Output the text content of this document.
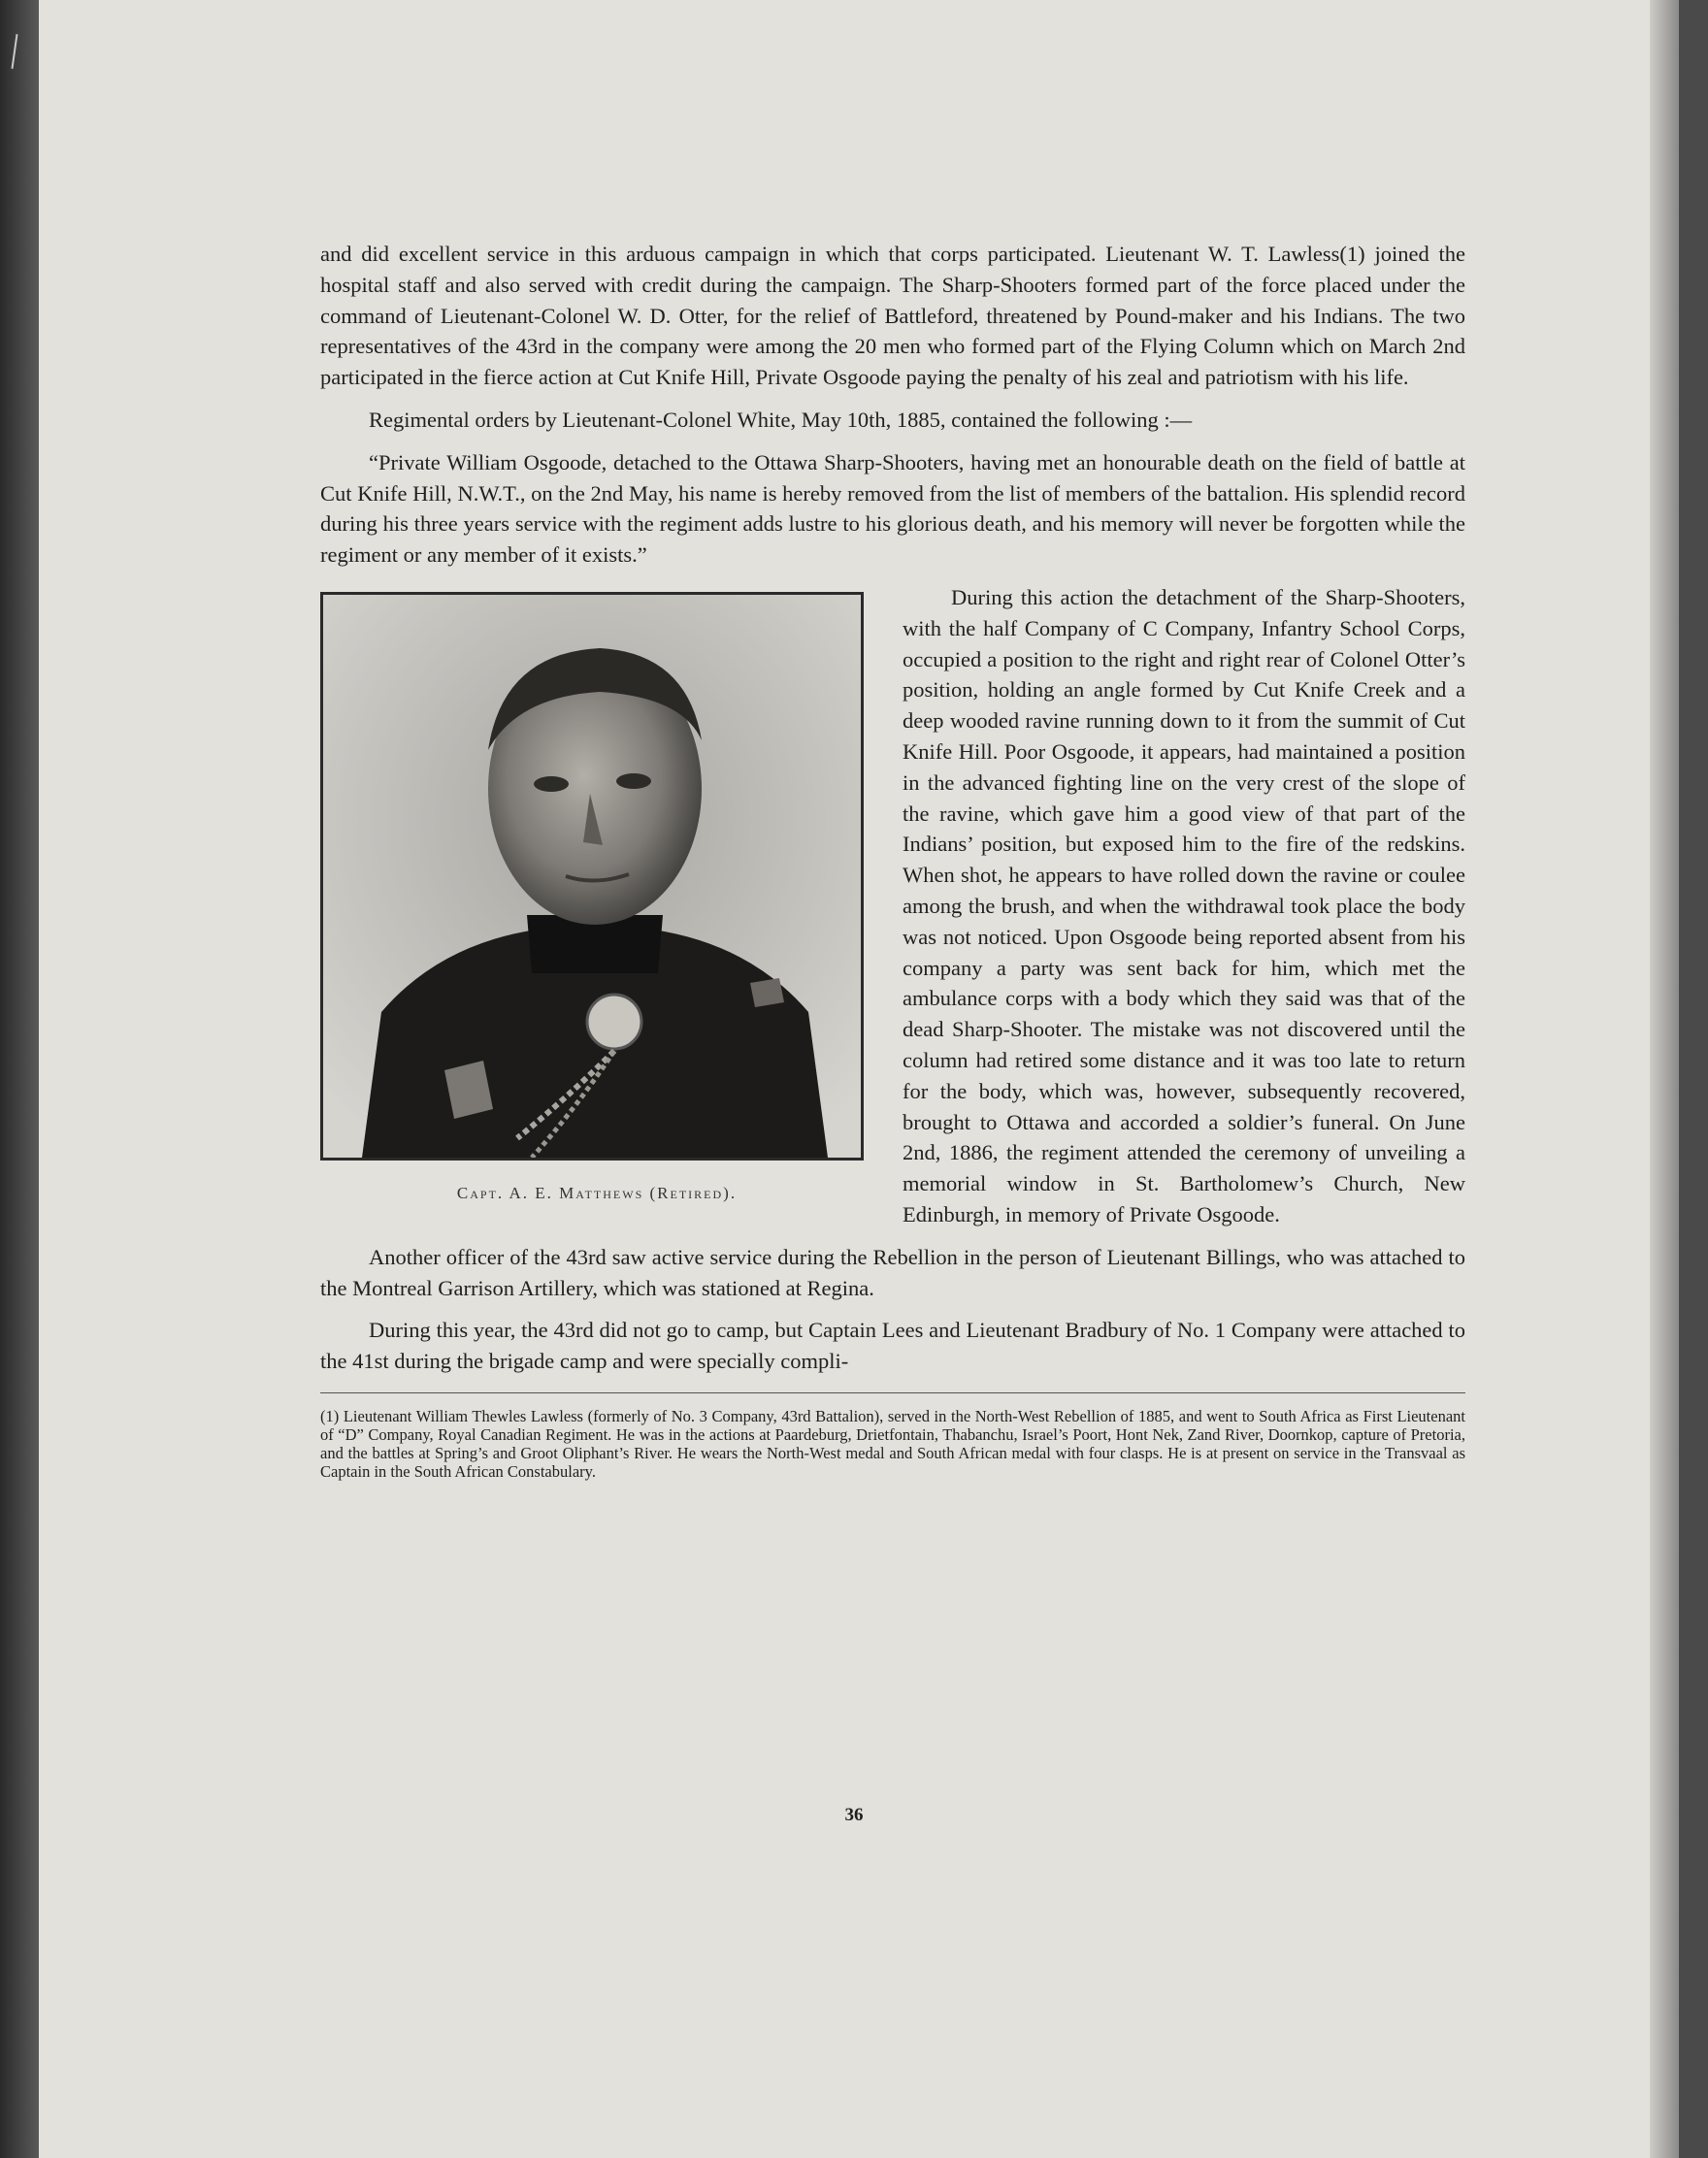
and did excellent service in this arduous campaign in which that corps participated. Lieutenant W. T. Lawless(1) joined the hospital staff and also served with credit during the campaign. The Sharp-Shooters formed part of the force placed under the command of Lieutenant-Colonel W. D. Otter, for the relief of Battleford, threatened by Pound-maker and his Indians. The two representatives of the 43rd in the company were among the 20 men who formed part of the Flying Column which on March 2nd participated in the fierce action at Cut Knife Hill, Private Osgoode paying the penalty of his zeal and patriotism with his life.

Regimental orders by Lieutenant-Colonel White, May 10th, 1885, contained the following :—

“Private William Osgoode, detached to the Ottawa Sharp-Shooters, having met an honourable death on the field of battle at Cut Knife Hill, N.W.T., on the 2nd May, his name is hereby removed from the list of members of the battalion. His splendid record during his three years service with the regiment adds lustre to his glorious death, and his memory will never be forgotten while the regiment or any member of it exists.”

Capt. A. E. Matthews (Retired).

During this action the detachment of the Sharp-Shooters, with the half Company of C Company, Infantry School Corps, occupied a position to the right and right rear of Colonel Otter’s position, holding an angle formed by Cut Knife Creek and a deep wooded ravine running down to it from the summit of Cut Knife Hill. Poor Osgoode, it appears, had maintained a position in the advanced fighting line on the very crest of the slope of the ravine, which gave him a good view of that part of the Indians’ position, but exposed him to the fire of the redskins. When shot, he appears to have rolled down the ravine or coulee among the brush, and when the withdrawal took place the body was not noticed. Upon Osgoode being reported absent from his company a party was sent back for him, which met the ambulance corps with a body which they said was that of the dead Sharp-Shooter. The mistake was not discovered until the column had retired some distance and it was too late to return for the body, which was, however, subsequently recovered, brought to Ottawa and accorded a soldier’s funeral. On June 2nd, 1886, the regiment attended the ceremony of unveiling a memorial window in St. Bartholomew’s Church, New Edinburgh, in memory of Private Osgoode.

Another officer of the 43rd saw active service during the Rebellion in the person of Lieutenant Billings, who was attached to the Montreal Garrison Artillery, which was stationed at Regina.

During this year, the 43rd did not go to camp, but Captain Lees and Lieutenant Bradbury of No. 1 Company were attached to the 41st during the brigade camp and were specially compli-

(1) Lieutenant William Thewles Lawless (formerly of No. 3 Company, 43rd Battalion), served in the North-West Rebellion of 1885, and went to South Africa as First Lieutenant of “D” Company, Royal Canadian Regiment. He was in the actions at Paardeburg, Drietfontain, Thabanchu, Israel’s Poort, Hont Nek, Zand River, Doornkop, capture of Pretoria, and the battles at Spring’s and Groot Oliphant’s River. He wears the North-West medal and South African medal with four clasps. He is at present on service in the Transvaal as Captain in the South African Constabulary.

36
